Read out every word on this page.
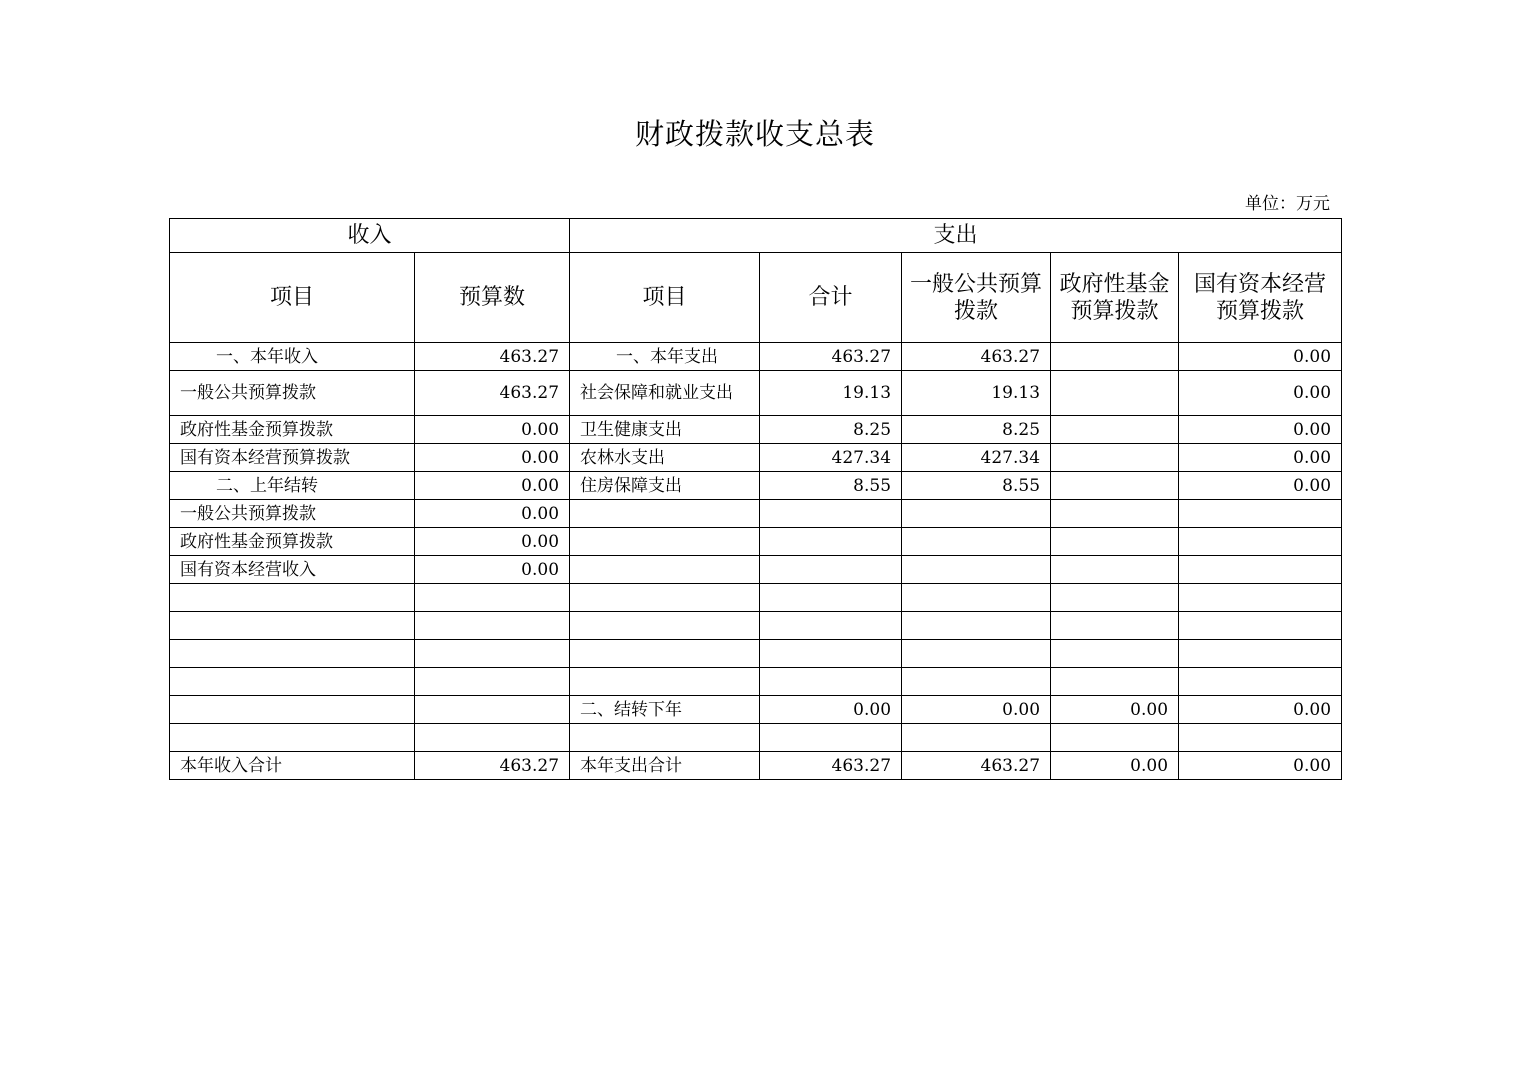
财政拨款收支总表
单位：万元
收入		支出				
项目	预算数	项目	合计	一般公共预算拨款	政府性基金预算拨款	国有资本经营预算拨款
一、本年收入	463.27	一、本年支出	463.27	463.27		0.00
一般公共预算拨款	463.27	社会保障和就业支出	19.13	19.13		0.00
政府性基金预算拨款	0.00	卫生健康支出	8.25	8.25		0.00
国有资本经营预算拨款	0.00	农林水支出	427.34	427.34		0.00
二、上年结转	0.00	住房保障支出	8.55	8.55		0.00
一般公共预算拨款	0.00					
政府性基金预算拨款	0.00					
国有资本经营收入	0.00					

		二、结转下年	0.00	0.00	0.00	0.00

本年收入合计	463.27	本年支出合计	463.27	463.27	0.00	0.00
